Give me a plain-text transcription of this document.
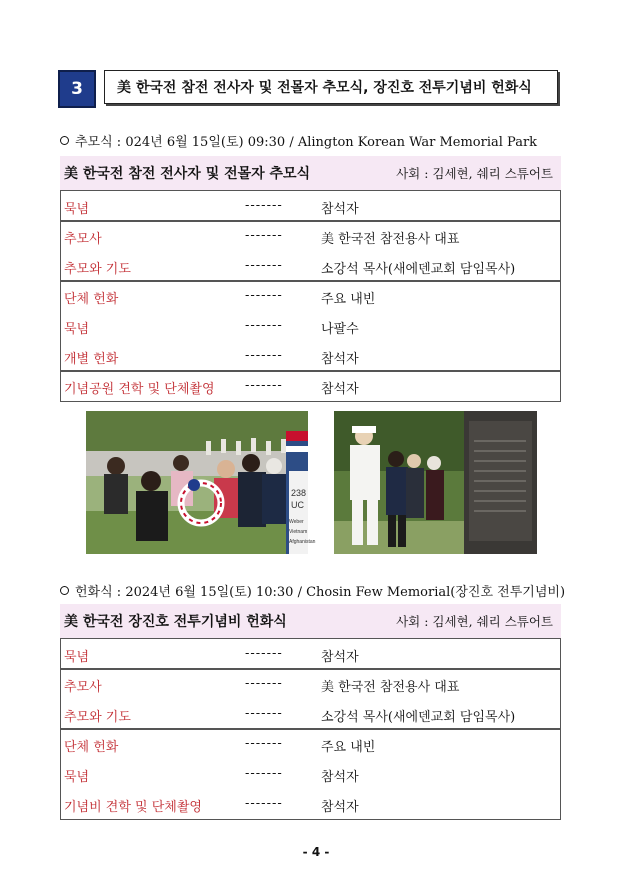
3	美 한국전 참전 전사자 및 전몰자 추모식, 장진호 전투기념비 헌화식
추모식 : 024년 6월 15일(토) 09:30 / Alington Korean War Memorial Park
美 한국전 참전 전사자 및 전몰자 추모식	사회 : 김세현, 쉐리 스튜어트
묵념	-------	참석자
추모사	-------	美 한국전 참전용사 대표
추모와 기도	-------	소강석 목사(새에덴교회 담임목사)
단체 헌화	-------	주요 내빈
묵념	-------	나팔수
개별 헌화	-------	참석자
기념공원 견학 및 단체촬영 -------	참석자
238
UC
Weber
Vietnam
Afghanistan
헌화식 : 2024년 6월 15일(토) 10:30 / Chosin Few Memorial(장진호 전투기념비)
美 한국전 장진호 전투기념비 헌화식	사회 : 김세현, 쉐리 스튜어트
묵념	-------	참석자
추모사	-------	美 한국전 참전용사 대표
추모와 기도	-------	소강석 목사(새에덴교회 담임목사)
단체 헌화	-------	주요 내빈
묵념	-------	참석자
기념비 견학 및 단체촬영	-------	참석자
- 4 -
